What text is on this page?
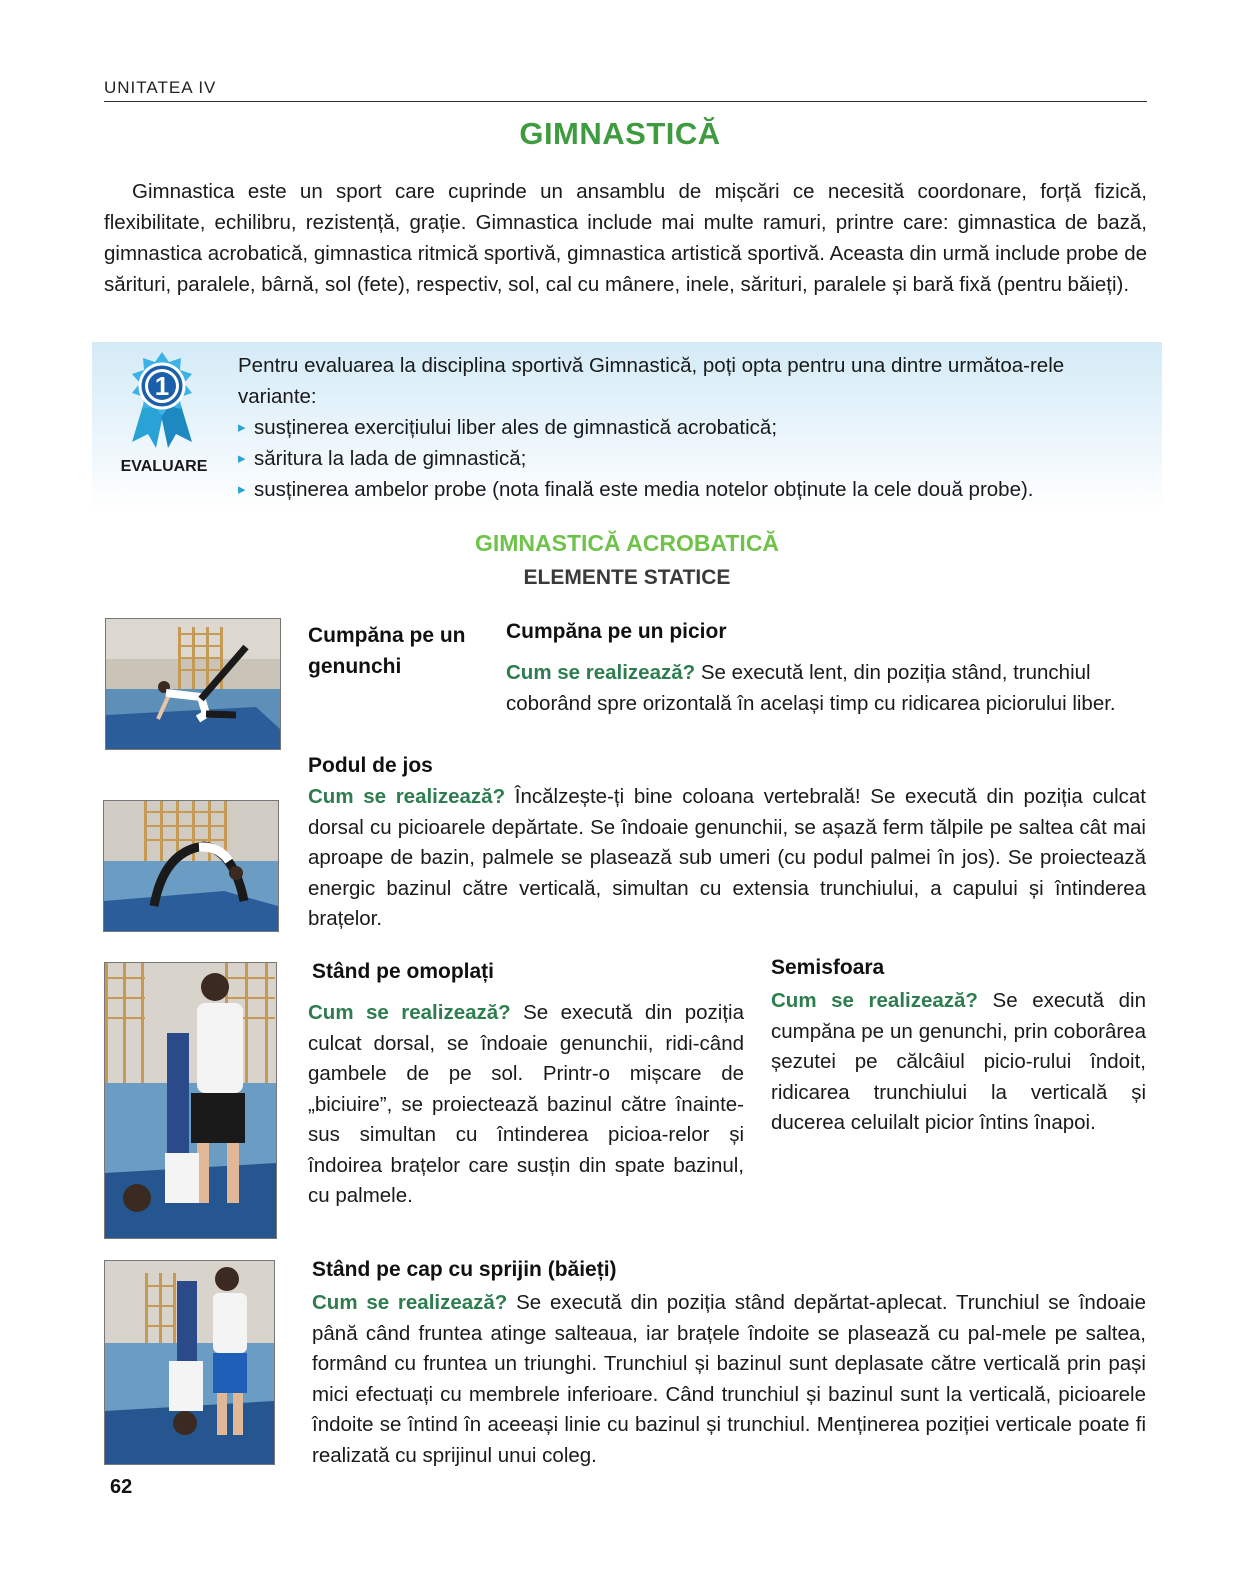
UNITATEA IV
GIMNASTICĂ

Gimnastica este un sport care cuprinde un ansamblu de mișcări ce necesită coordonare, forță fizică, flexibilitate, echilibru, rezistență, grație. Gimnastica include mai multe ramuri, printre care: gimnastica de bază, gimnastica acrobatică, gimnastica ritmică sportivă, gimnastica artistică sportivă. Aceasta din urmă include probe de sărituri, paralele, bârnă, sol (fete), respectiv, sol, cal cu mânere, inele, sărituri, paralele și bară fixă (pentru băieți).

1
EVALUARE

Pentru evaluarea la disciplina sportivă Gimnastică, poți opta pentru una dintre următoa-rele variante:

▸ susținerea exercițiului liber ales de gimnastică acrobatică;
▸ săritura la lada de gimnastică;
▸ susținerea ambelor probe (nota finală este media notelor obținute la cele două probe).
GIMNASTICĂ ACROBATICĂ
ELEMENTE STATICE
Cumpăna pe un genunchi
Cumpăna pe un picior
Cum se realizează? Se execută lent, din poziția stând, trunchiul coborând spre orizontală în același timp cu ridicarea piciorului liber.
Podul de jos
Cum se realizează? Încălzește-ți bine coloana vertebrală! Se execută din poziția culcat dorsal cu picioarele depărtate. Se îndoaie genunchii, se așază ferm tălpile pe saltea cât mai aproape de bazin, palmele se plasează sub umeri (cu podul palmei în jos). Se proiectează energic bazinul către verticală, simultan cu extensia trunchiului, a capului și întinderea brațelor.
Stând pe omoplați
Cum se realizează? Se execută din poziția culcat dorsal, se îndoaie genunchii, ridi-când gambele de pe sol. Printr-o mișcare de „biciuire”, se proiectează bazinul către înainte-sus simultan cu întinderea picioa-relor și îndoirea brațelor care susțin din spate bazinul, cu palmele.
Semisfoara
Cum se realizează? Se execută din cumpăna pe un genunchi, prin coborârea șezutei pe călcâiul picio-rului îndoit, ridicarea trunchiului la verticală și ducerea celuilalt picior întins înapoi.
Stând pe cap cu sprijin (băieți)
Cum se realizează? Se execută din poziția stând depărtat-aplecat. Trunchiul se îndoaie până când fruntea atinge salteaua, iar brațele îndoite se plasează cu pal-mele pe saltea, formând cu fruntea un triunghi. Trunchiul și bazinul sunt deplasate către verticală prin pași mici efectuați cu membrele inferioare. Când trunchiul și bazinul sunt la verticală, picioarele îndoite se întind în aceeași linie cu bazinul și trunchiul. Menținerea poziției verticale poate fi realizată cu sprijinul unui coleg.
62
